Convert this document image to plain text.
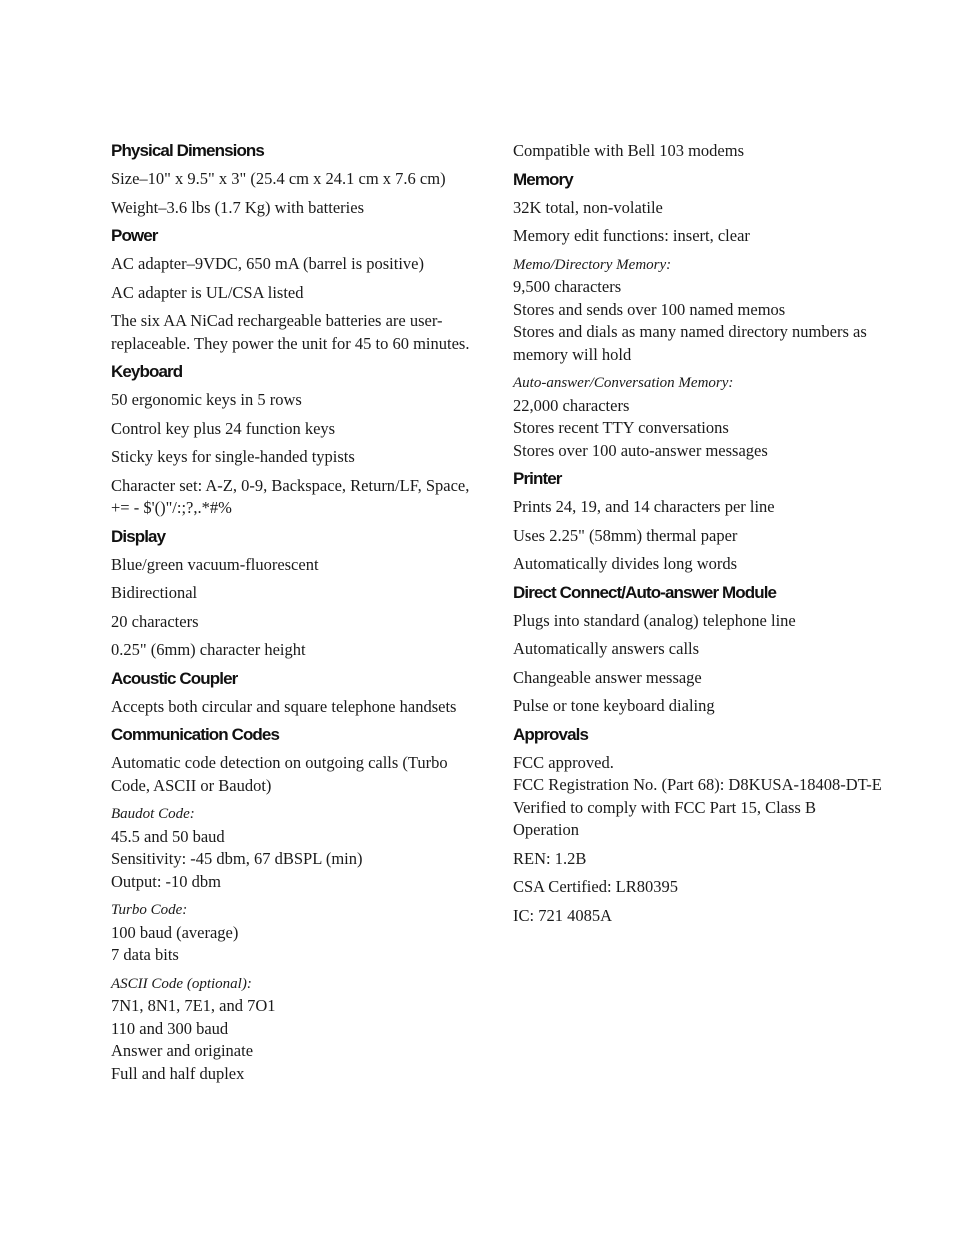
Physical Dimensions
Size–10" x 9.5" x 3" (25.4 cm x 24.1 cm x 7.6 cm)
Weight–3.6 lbs (1.7 Kg) with batteries
Power
AC adapter–9VDC, 650 mA (barrel is positive)
AC adapter is UL/CSA listed
The six AA NiCad rechargeable batteries are user-replaceable. They power the unit for 45 to 60 minutes.
Keyboard
50 ergonomic keys in 5 rows
Control key plus 24 function keys
Sticky keys for single-handed typists
Character set: A-Z, 0-9, Backspace, Return/LF, Space, += - $'()"/:;?,.*#%
Display
Blue/green vacuum-fluorescent
Bidirectional
20 characters
0.25" (6mm) character height
Acoustic Coupler
Accepts both circular and square telephone handsets
Communication Codes
Automatic code detection on outgoing calls (Turbo Code, ASCII or Baudot)
Baudot Code:
45.5 and 50 baud
Sensitivity: -45 dbm, 67 dBSPL (min)
Output: -10 dbm
Turbo Code:
100 baud (average)
7 data bits
ASCII Code (optional):
7N1, 8N1, 7E1, and 7O1
110 and 300 baud
Answer and originate
Full and half duplex
Compatible with Bell 103 modems
Memory
32K total, non-volatile
Memory edit functions: insert, clear
Memo/Directory Memory:
9,500 characters
Stores and sends over 100 named memos
Stores and dials as many named directory numbers as memory will hold
Auto-answer/Conversation Memory:
22,000 characters
Stores recent TTY conversations
Stores over 100 auto-answer messages
Printer
Prints 24, 19, and 14 characters per line
Uses 2.25" (58mm) thermal paper
Automatically divides long words
Direct Connect/Auto-answer Module
Plugs into standard (analog) telephone line
Automatically answers calls
Changeable answer message
Pulse or tone keyboard dialing
Approvals
FCC approved.
FCC Registration No. (Part 68): D8KUSA-18408-DT-E
Verified to comply with FCC Part 15, Class B Operation
REN: 1.2B
CSA Certified: LR80395
IC: 721 4085A
